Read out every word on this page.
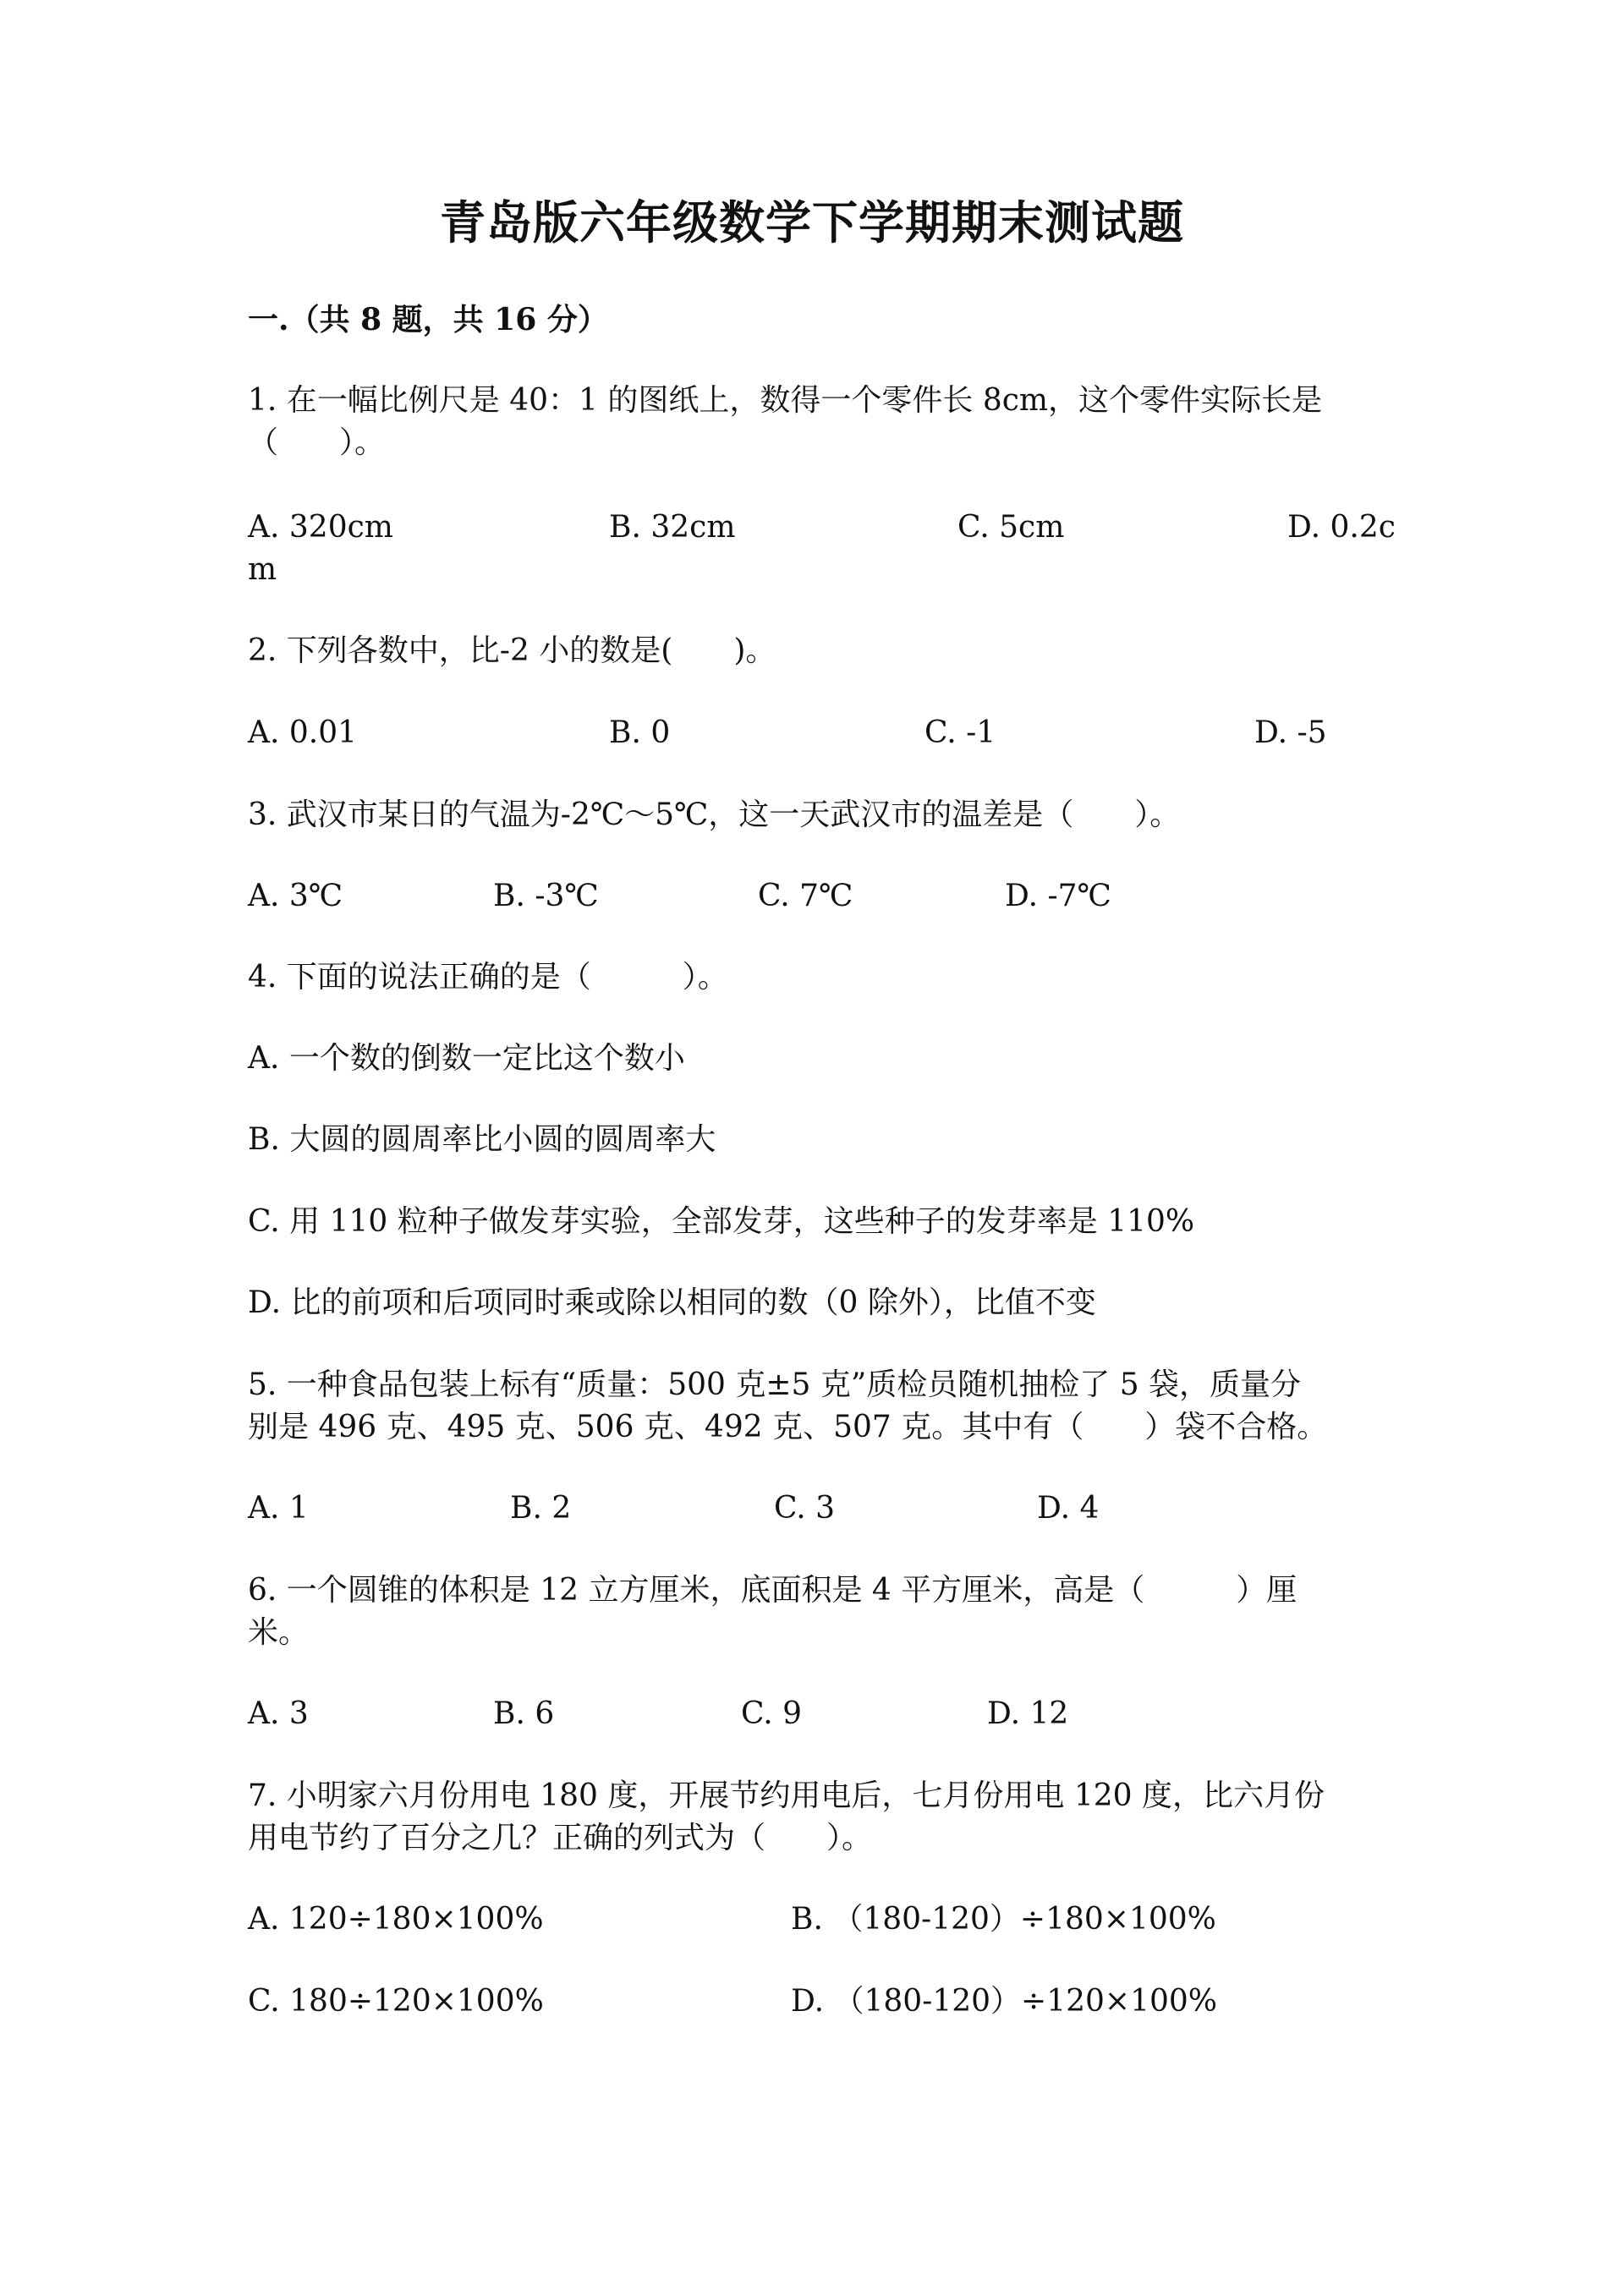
青岛版六年级数学下学期期末测试题
一.（共 8 题，共 16 分）
1. 在一幅比例尺是 40：1 的图纸上，数得一个零件长 8cm，这个零件实际长是
（　　）。
A. 320cm	B. 32cm	C. 5cm	D. 0.2c
m
2. 下列各数中，比-2 小的数是(　　)。
A. 0.01	B. 0	C. -1	D. -5
3. 武汉市某日的气温为-2℃～5℃，这一天武汉市的温差是（　　）。
A. 3℃	B. -3℃	C. 7℃	D. -7℃
4. 下面的说法正确的是（　　　）。
A. 一个数的倒数一定比这个数小
B. 大圆的圆周率比小圆的圆周率大
C. 用 110 粒种子做发芽实验，全部发芽，这些种子的发芽率是 110%
D. 比的前项和后项同时乘或除以相同的数（0 除外），比值不变
5. 一种食品包装上标有“质量：500 克±5 克”质检员随机抽检了 5 袋，质量分
别是 496 克、495 克、506 克、492 克、507 克。其中有（　　）袋不合格。
A. 1	B. 2	C. 3	D. 4
6. 一个圆锥的体积是 12 立方厘米，底面积是 4 平方厘米，高是（　　　）厘
米。
A. 3	B. 6	C. 9	D. 12
7. 小明家六月份用电 180 度，开展节约用电后，七月份用电 120 度，比六月份
用电节约了百分之几？正确的列式为（　　）。
A. 120÷180×100%	B. （180-120）÷180×100%
C. 180÷120×100%	D. （180-120）÷120×100%
